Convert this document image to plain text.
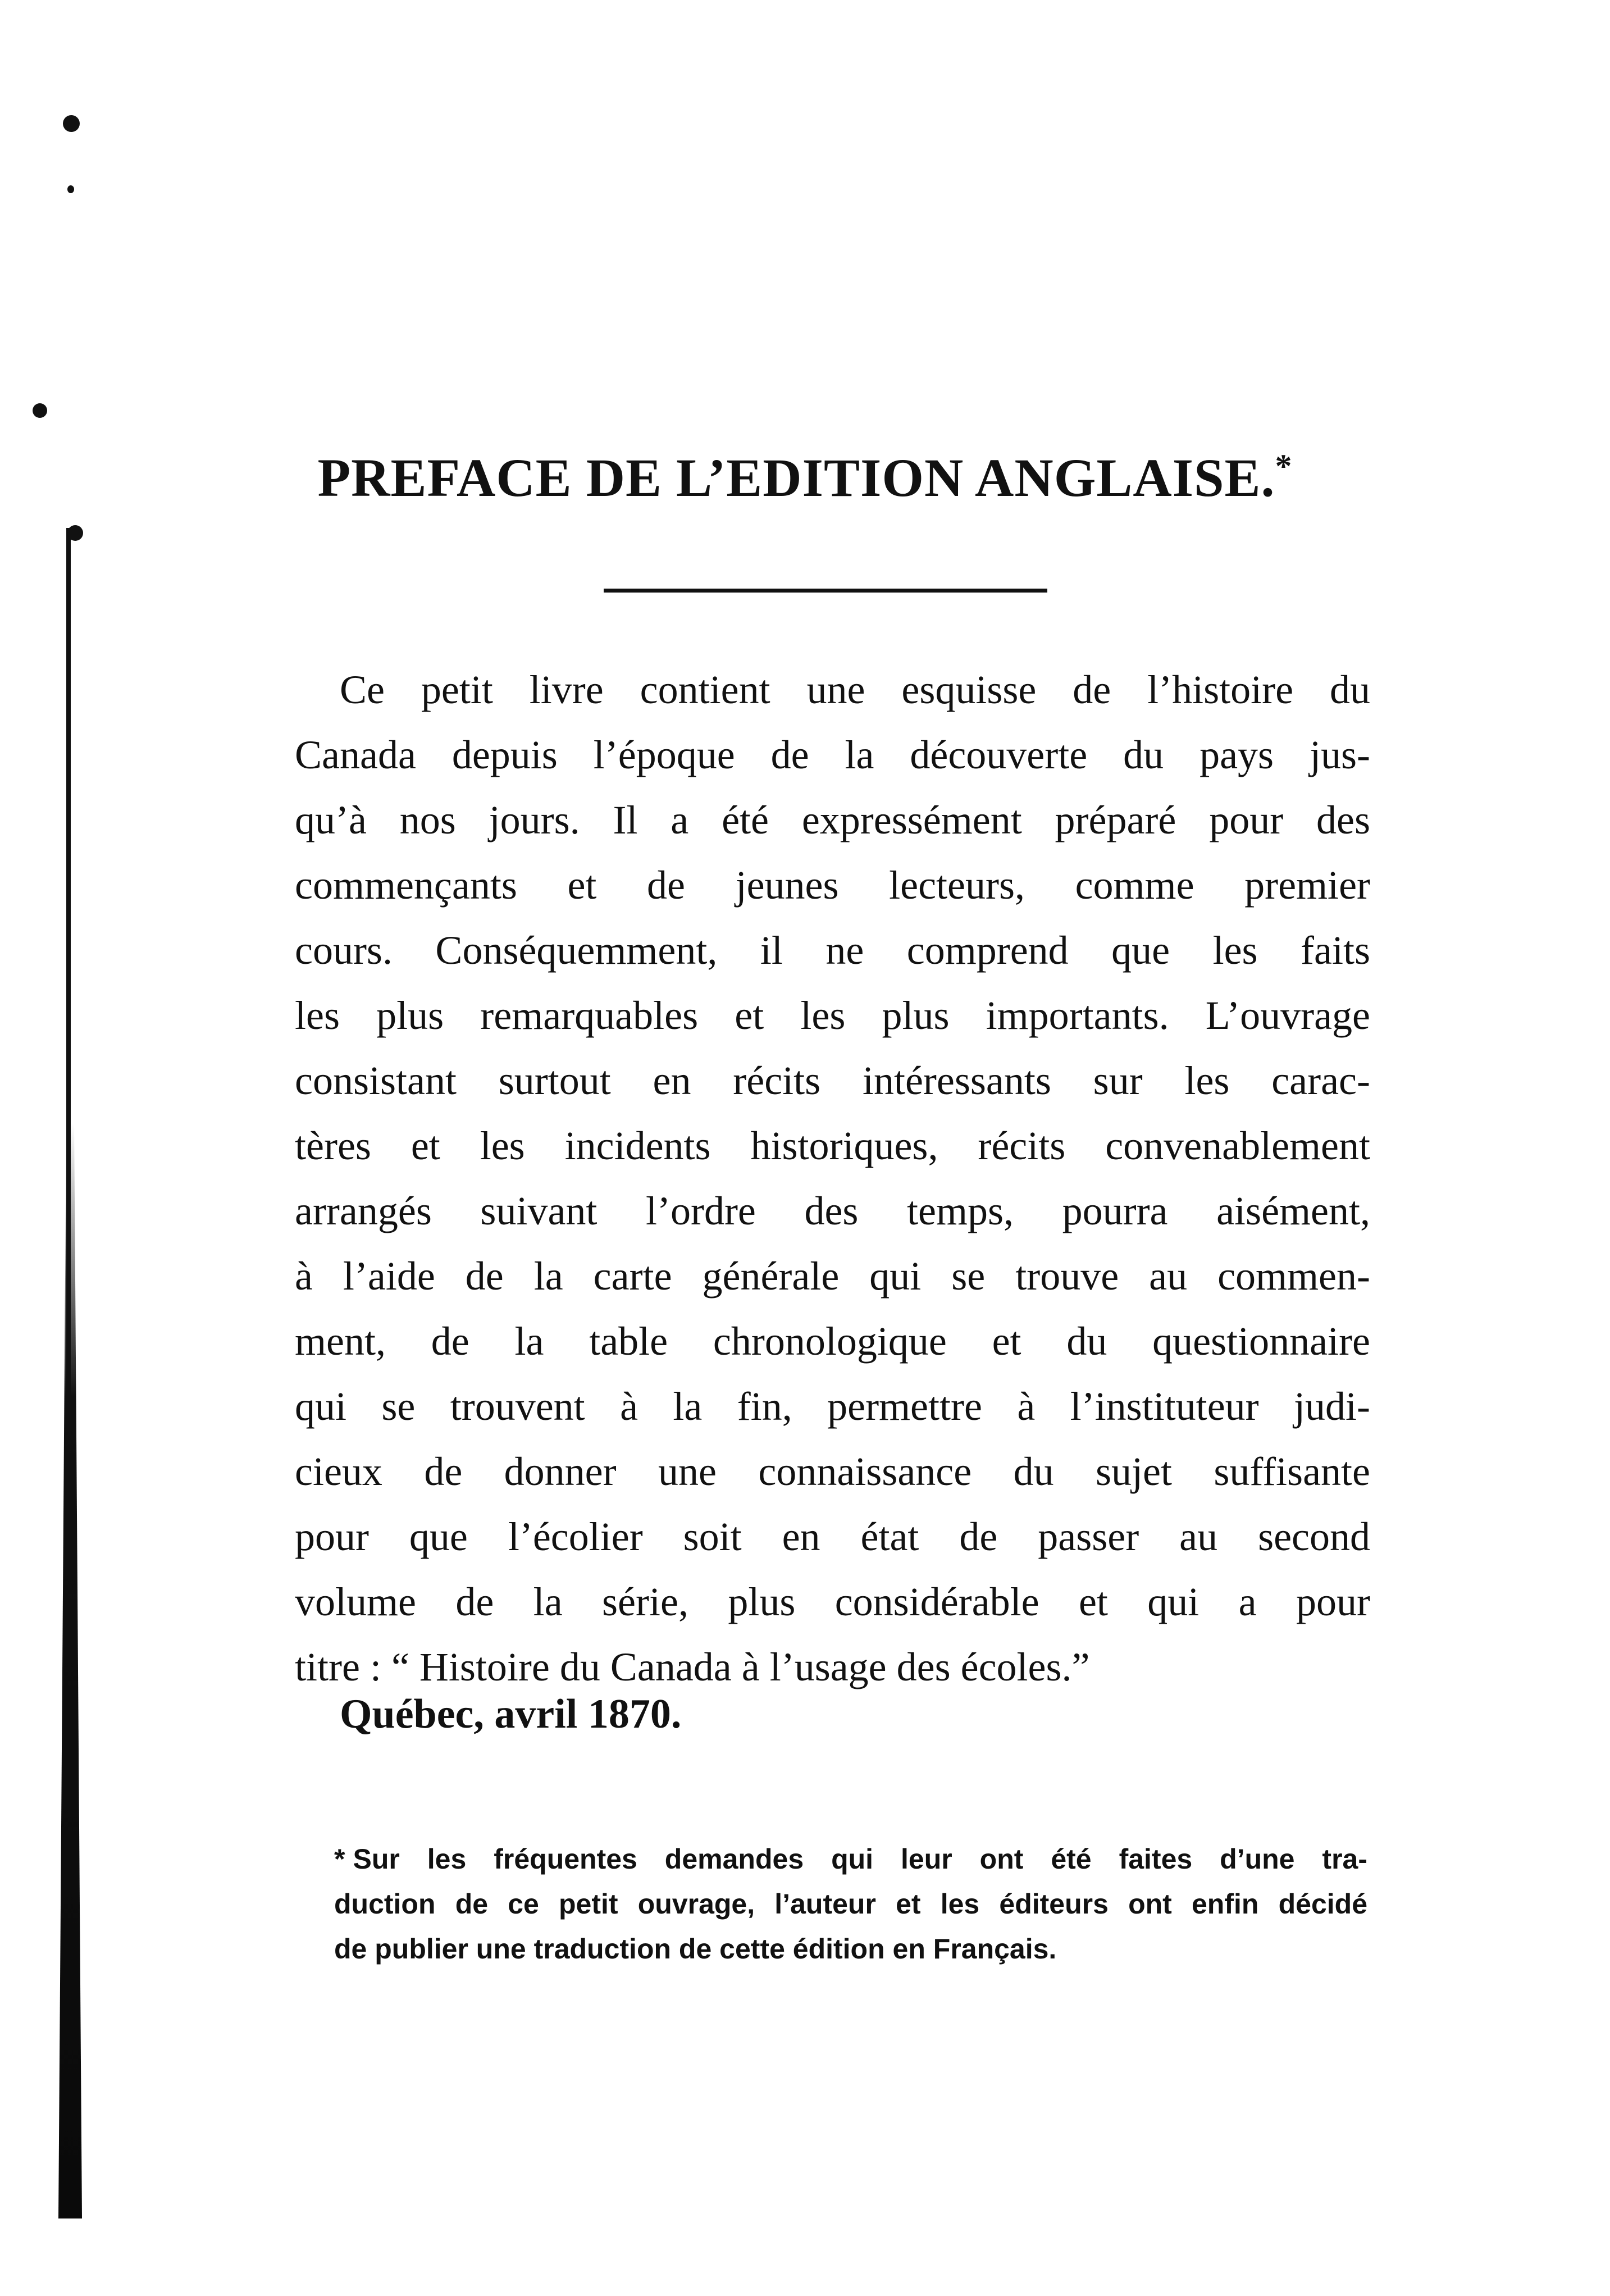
PREFACE DE L’EDITION ANGLAISE.*
Ce petit livre contient une esquisse de l’histoire du
Canada depuis l’époque de la découverte du pays jus-
qu’à nos jours. Il a été expressément préparé pour des
commençants et de jeunes lecteurs, comme premier
cours. Conséquemment, il ne comprend que les faits
les plus remarquables et les plus importants. L’ouvrage
consistant surtout en récits intéressants sur les carac-
tères et les incidents historiques, récits convenablement
arrangés suivant l’ordre des temps, pourra aisément,
à l’aide de la carte générale qui se trouve au commen-
ment, de la table chronologique et du questionnaire
qui se trouvent à la fin, permettre à l’instituteur judi-
cieux de donner une connaissance du sujet suffisante
pour que l’écolier soit en état de passer au second
volume de la série, plus considérable et qui a pour
titre : “ Histoire du Canada à l’usage des écoles.”
Québec, avril 1870.
* Sur les fréquentes demandes qui leur ont été faites d’une tra-
duction de ce petit ouvrage, l’auteur et les éditeurs ont enfin décidé
de publier une traduction de cette édition en Français.
